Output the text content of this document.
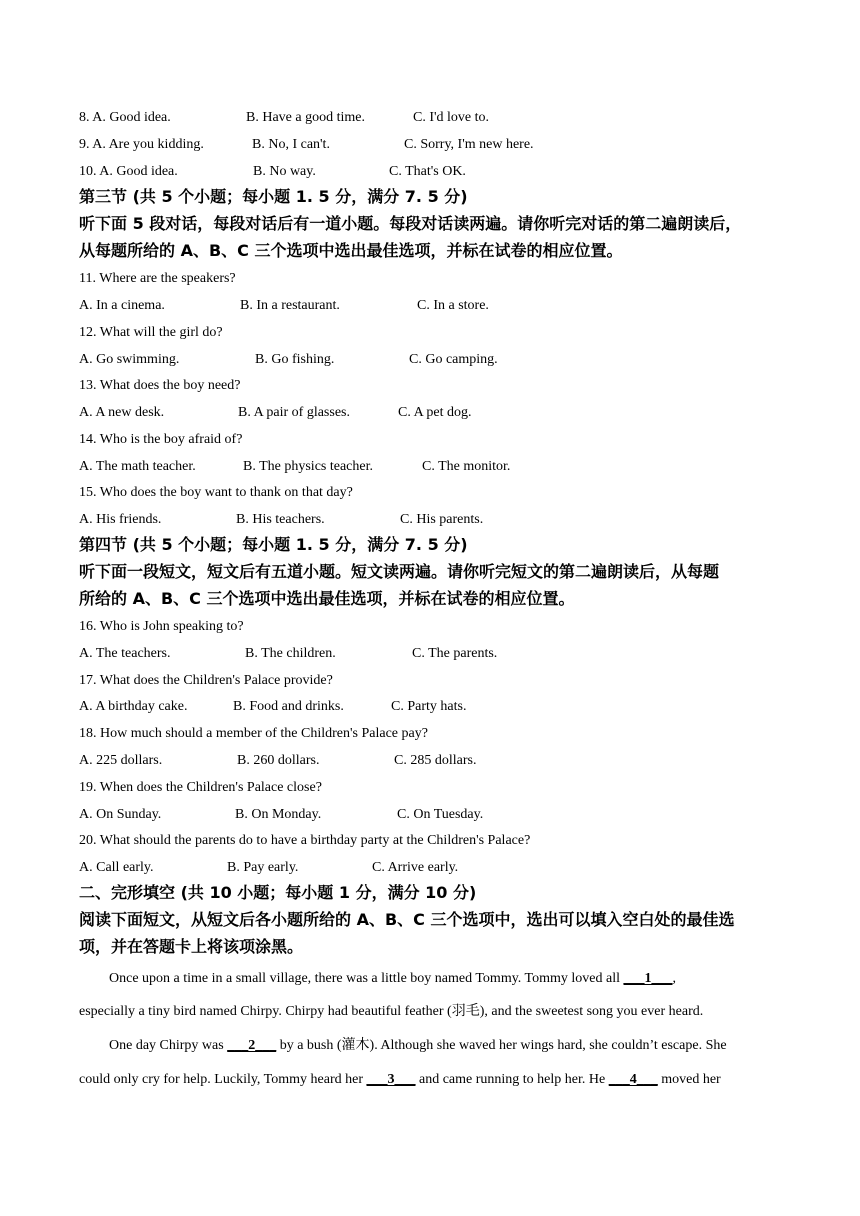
8. A. Good idea.	B. Have a good time.	C. I'd love to.
9. A. Are you kidding.	B. No, I can't.	C. Sorry, I'm new here.
10. A. Good idea.	B. No way.	C. That's OK.
第三节 (共 5 个小题；每小题 1. 5 分，满分 7. 5 分)
听下面 5 段对话，每段对话后有一道小题。每段对话读两遍。请你听完对话的第二遍朗读后，
从每题所给的 A、B、C 三个选项中选出最佳选项，并标在试卷的相应位置。
11. Where are the speakers?
A. In a cinema.	B. In a restaurant.	C. In a store.
12. What will the girl do?
A. Go swimming.	B. Go fishing.	C. Go camping.
13. What does the boy need?
A. A new desk.	B. A pair of glasses.	C. A pet dog.
14. Who is the boy afraid of?
A. The math teacher.	B. The physics teacher.	C. The monitor.
15. Who does the boy want to thank on that day?
A. His friends.	B. His teachers.	C. His parents.
第四节 (共 5 个小题；每小题 1. 5 分，满分 7. 5 分)
听下面一段短文，短文后有五道小题。短文读两遍。请你听完短文的第二遍朗读后，从每题
所给的 A、B、C 三个选项中选出最佳选项，并标在试卷的相应位置。
16. Who is John speaking to?
A. The teachers.	B. The children.	C. The parents.
17. What does the Children's Palace provide?
A. A birthday cake.	B. Food and drinks.	C. Party hats.
18. How much should a member of the Children's Palace pay?
A. 225 dollars.	B. 260 dollars.	C. 285 dollars.
19. When does the Children's Palace close?
A. On Sunday.	B. On Monday.	C. On Tuesday.
20. What should the parents do to have a birthday party at the Children's Palace?
A. Call early.	B. Pay early.	C. Arrive early.
二、完形填空 (共 10 小题；每小题 1 分，满分 10 分)
阅读下面短文，从短文后各小题所给的 A、B、C 三个选项中，选出可以填入空白处的最佳选
项，并在答题卡上将该项涂黑。
Once upon a time in a small village, there was a little boy named Tommy. Tommy loved all ___1___,
especially a tiny bird named Chirpy. Chirpy had beautiful feather (羽毛), and the sweetest song you ever heard.
One day Chirpy was ___2___ by a bush (灌木). Although she waved her wings hard, she couldn’t escape. She
could only cry for help. Luckily, Tommy heard her ___3___ and came running to help her. He ___4___ moved her
